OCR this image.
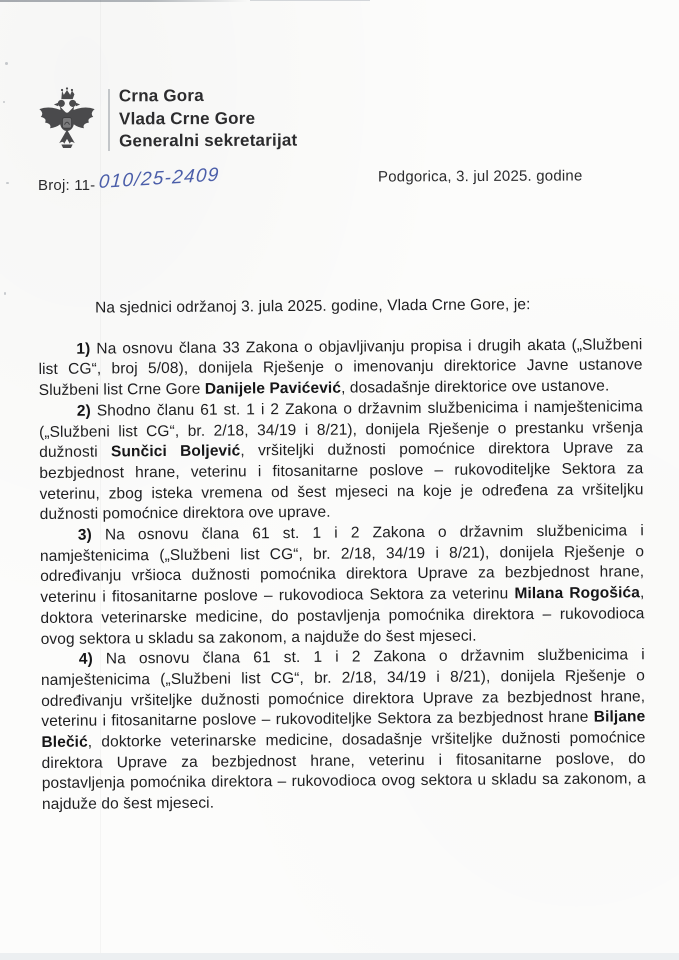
Crna Gora
Vlada Crne Gore
Generalni sekretarijat
Broj: 11- 010/25-2409	Podgorica, 3. jul 2025. godine

Na sjednici održanoj 3. jula 2025. godine, Vlada Crne Gore, je:

1) Na osnovu člana 33 Zakona o objavljivanju propisa i drugih akata („Službeni list CG“, broj 5/08), donijela Rješenje o imenovanju direktorice Javne ustanove Službeni list Crne Gore Danijele Pavićević, dosadašnje direktorice ove ustanove.

2) Shodno članu 61 st. 1 i 2 Zakona o državnim službenicima i namještenicima („Službeni list CG“, br. 2/18, 34/19 i 8/21), donijela Rješenje o prestanku vršenja dužnosti Sunčici Boljević, vršiteljki dužnosti pomoćnice direktora Uprave za bezbjednost hrane, veterinu i fitosanitarne poslove – rukovoditeljke Sektora za veterinu, zbog isteka vremena od šest mjeseci na koje je određena za vršiteljku dužnosti pomoćnice direktora ove uprave.

3) Na osnovu člana 61 st. 1 i 2 Zakona o državnim službenicima i namještenicima („Službeni list CG“, br. 2/18, 34/19 i 8/21), donijela Rješenje o određivanju vršioca dužnosti pomoćnika direktora Uprave za bezbjednost hrane, veterinu i fitosanitarne poslove – rukovodioca Sektora za veterinu Milana Rogošića, doktora veterinarske medicine, do postavljenja pomoćnika direktora – rukovodioca ovog sektora u skladu sa zakonom, a najduže do šest mjeseci.

4) Na osnovu člana 61 st. 1 i 2 Zakona o državnim službenicima i namještenicima („Službeni list CG“, br. 2/18, 34/19 i 8/21), donijela Rješenje o određivanju vršiteljke dužnosti pomoćnice direktora Uprave za bezbjednost hrane, veterinu i fitosanitarne poslove – rukovoditeljke Sektora za bezbjednost hrane Biljane Blečić, doktorke veterinarske medicine, dosadašnje vršiteljke dužnosti pomoćnice direktora Uprave za bezbjednost hrane, veterinu i fitosanitarne poslove, do postavljenja pomoćnika direktora – rukovodioca ovog sektora u skladu sa zakonom, a najduže do šest mjeseci.
